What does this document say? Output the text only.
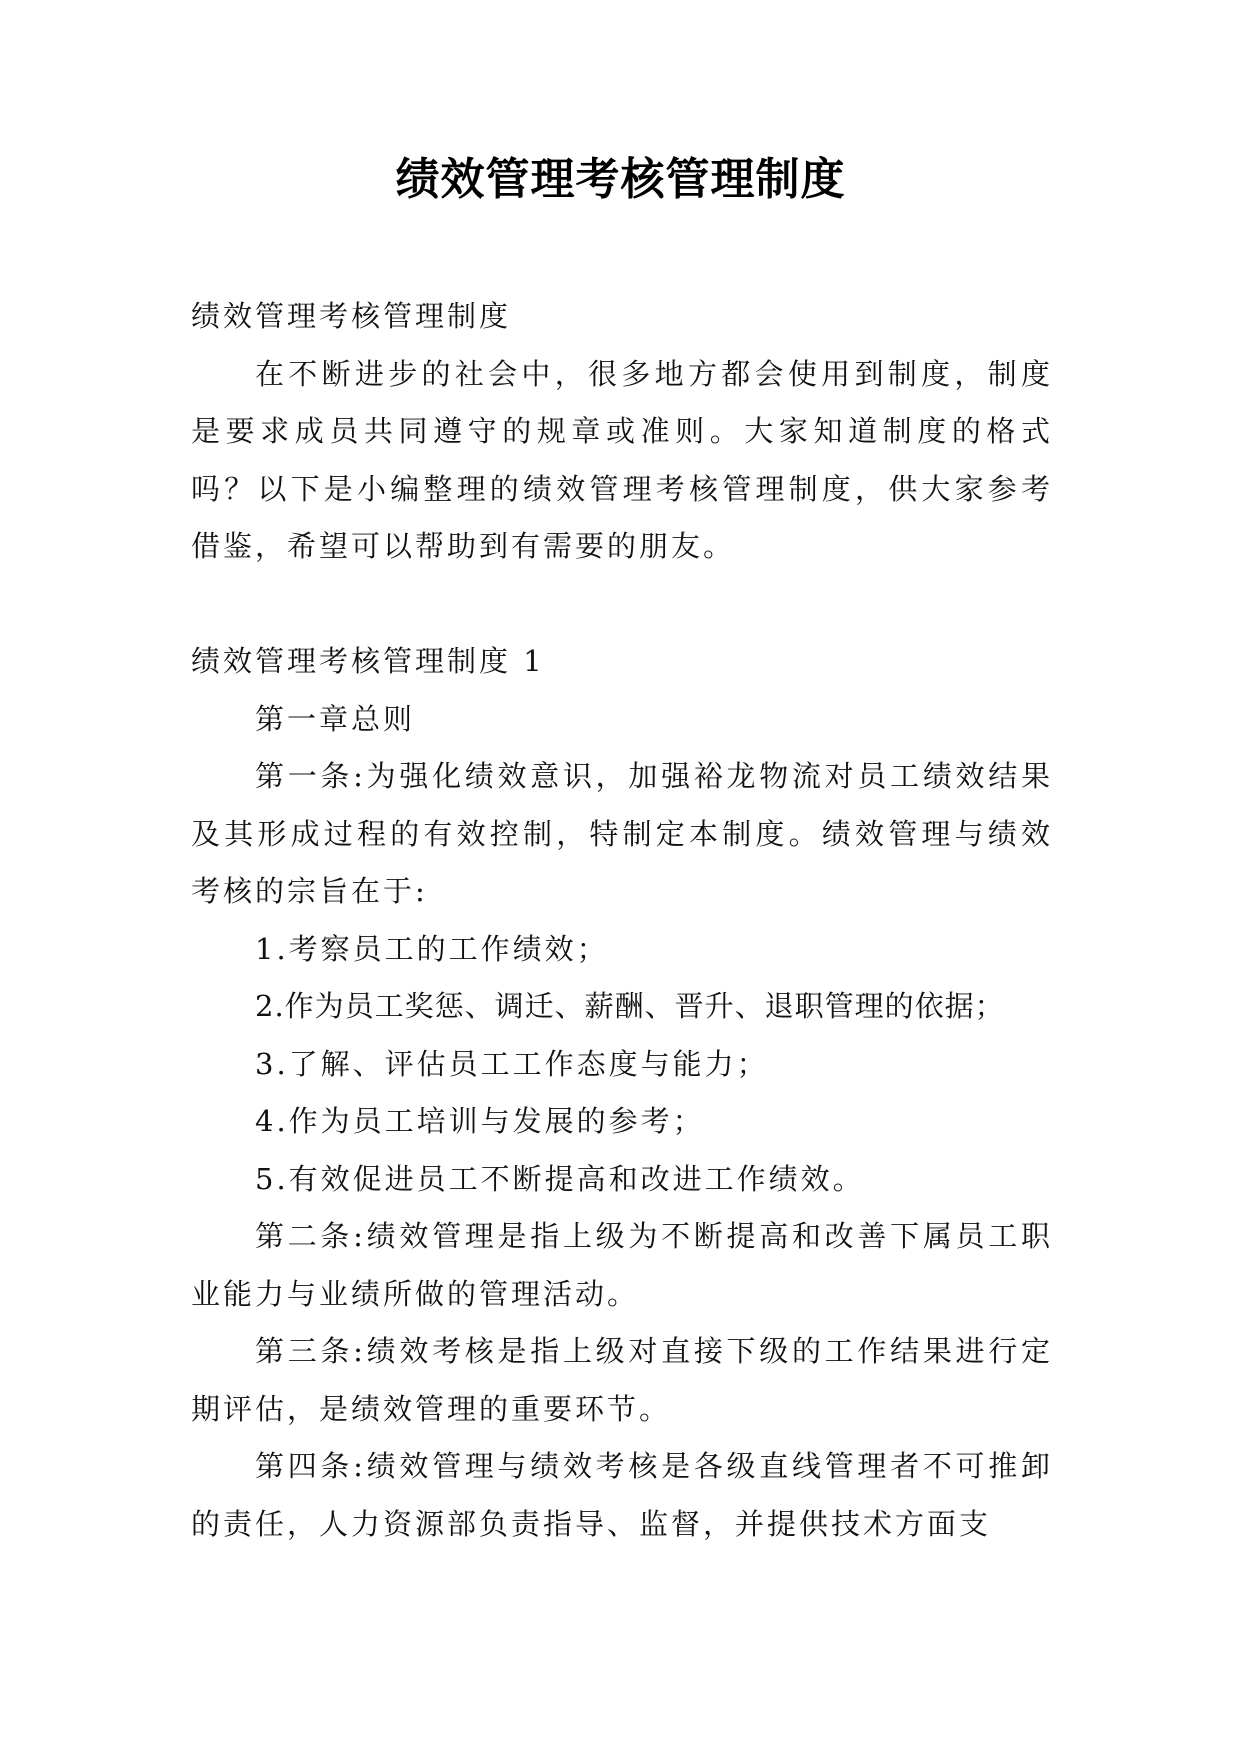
绩效管理考核管理制度

绩效管理考核管理制度

在不断进步的社会中，很多地方都会使用到制度，制度是要求成员共同遵守的规章或准则。大家知道制度的格式吗？以下是小编整理的绩效管理考核管理制度，供大家参考借鉴，希望可以帮助到有需要的朋友。

绩效管理考核管理制度 1

第一章总则

第一条:为强化绩效意识，加强裕龙物流对员工绩效结果及其形成过程的有效控制，特制定本制度。绩效管理与绩效考核的宗旨在于:

1.考察员工的工作绩效；

2.作为员工奖惩、调迁、薪酬、晋升、退职管理的依据；

3.了解、评估员工工作态度与能力；

4.作为员工培训与发展的参考；

5.有效促进员工不断提高和改进工作绩效。

第二条:绩效管理是指上级为不断提高和改善下属员工职业能力与业绩所做的管理活动。

第三条:绩效考核是指上级对直接下级的工作结果进行定期评估，是绩效管理的重要环节。

第四条:绩效管理与绩效考核是各级直线管理者不可推卸的责任，人力资源部负责指导、监督，并提供技术方面支
